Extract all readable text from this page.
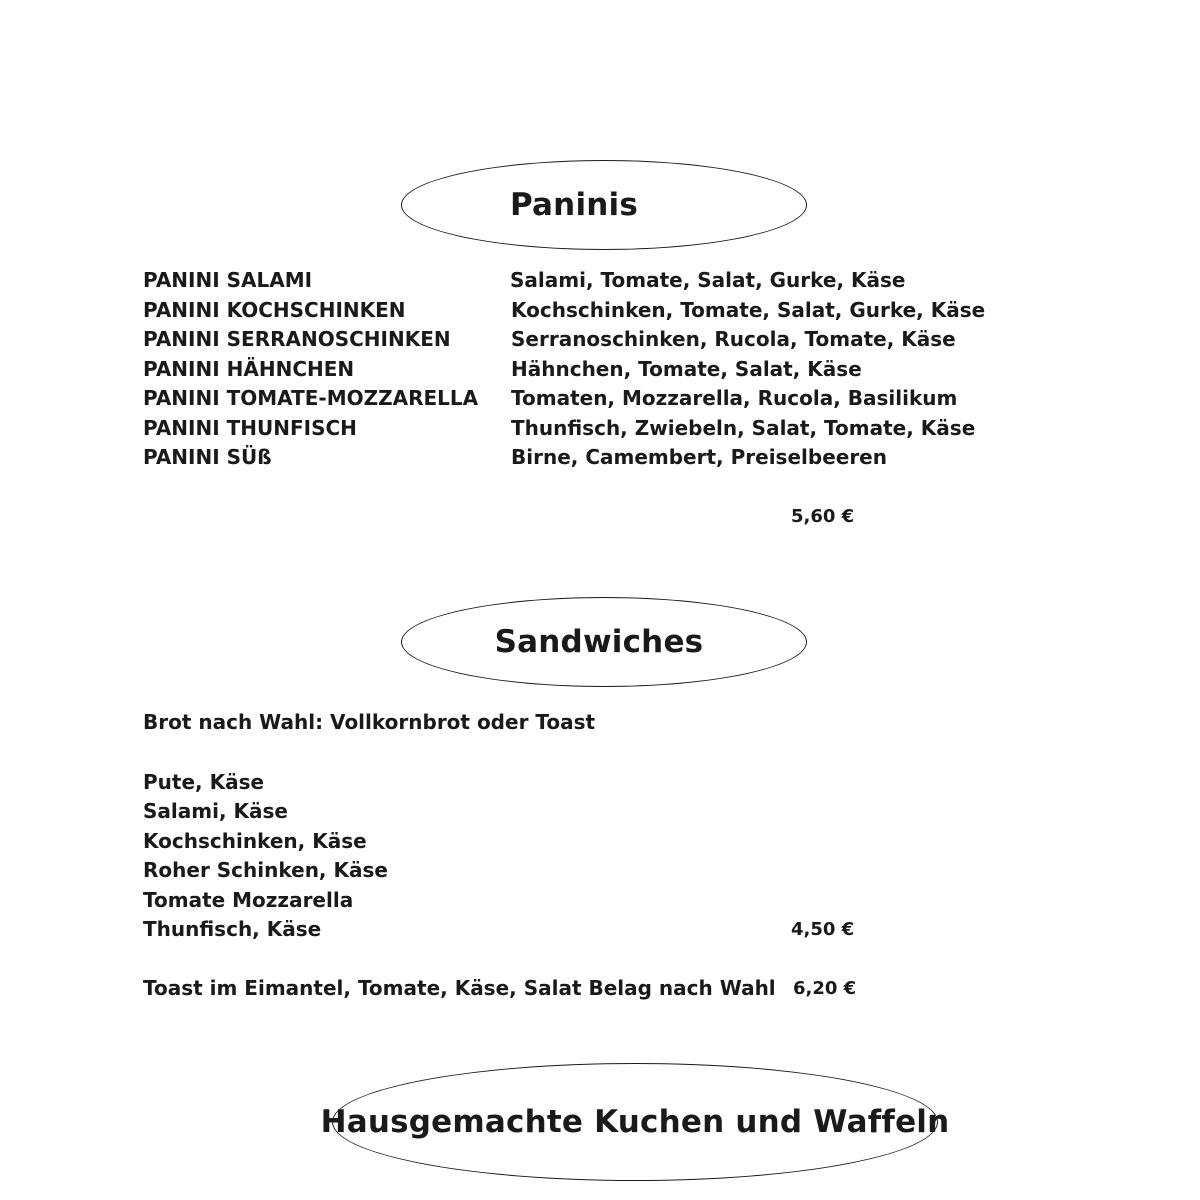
Paninis
PANINI SALAMI	Salami, Tomate, Salat, Gurke, Käse
PANINI KOCHSCHINKEN	Kochschinken, Tomate, Salat, Gurke, Käse
PANINI SERRANOSCHINKEN	Serranoschinken, Rucola, Tomate, Käse
PANINI HÄHNCHEN	Hähnchen, Tomate, Salat, Käse
PANINI TOMATE-MOZZARELLA Tomaten, Mozzarella, Rucola, Basilikum
PANINI THUNFISCH	Thunfisch, Zwiebeln, Salat, Tomate, Käse
PANINI SÜß	Birne, Camembert, Preiselbeeren
5,60 €
Sandwiches
Brot nach Wahl: Vollkornbrot oder Toast
Pute, Käse
Salami, Käse
Kochschinken, Käse
Roher Schinken, Käse
Tomate Mozzarella
Thunfisch, Käse	4,50 €
Toast im Eimantel, Tomate, Käse, Salat Belag nach Wahl 6,20 €
Hausgemachte Kuchen und Waffeln
